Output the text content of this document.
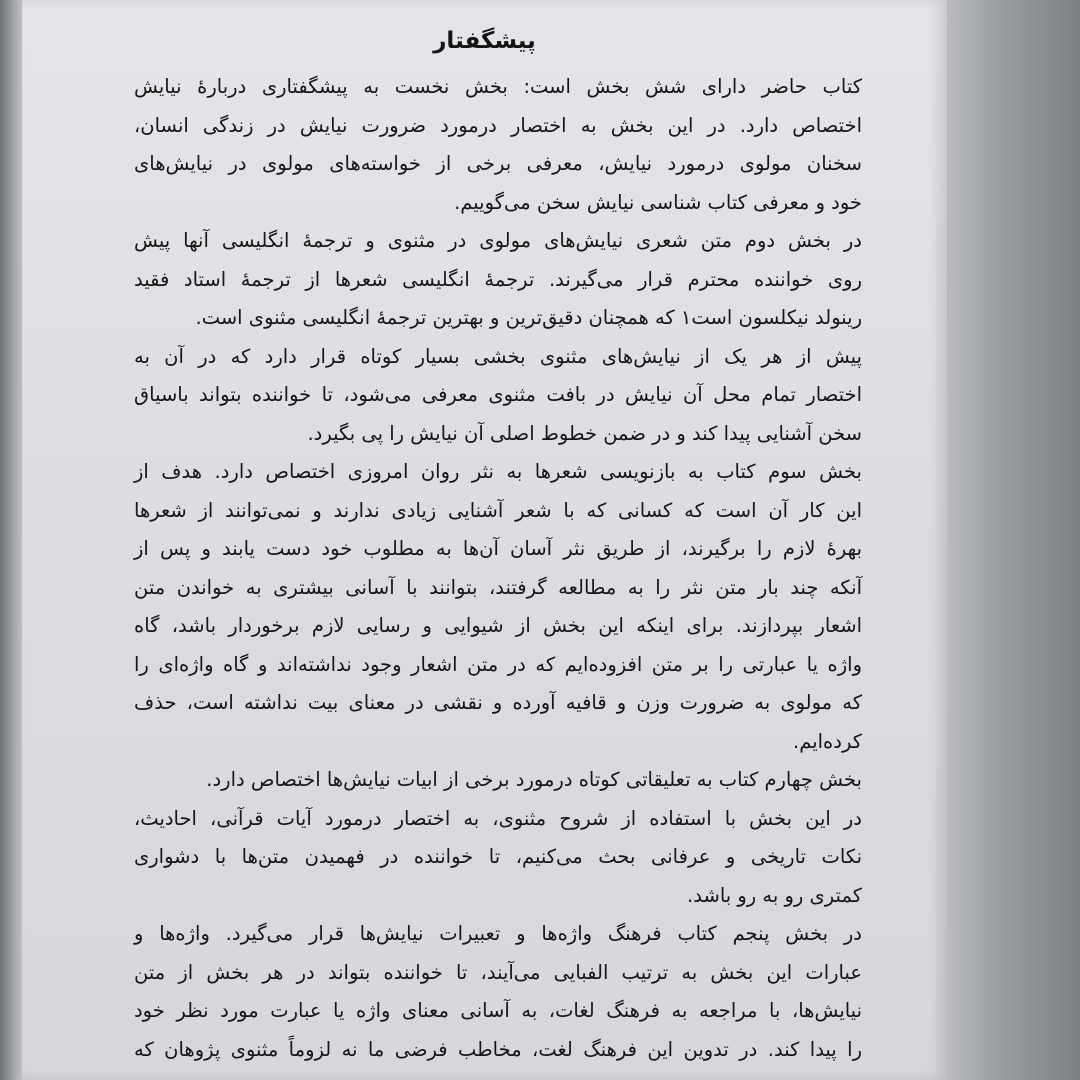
پیشگفتار
کتاب حاضر دارای شش بخش است: بخش نخست به پیشگفتاری دربارهٔ نیایش
اختصاص دارد. در این بخش به اختصار درمورد ضرورت نیایش در زندگی انسان،
سخنان مولوی درمورد نیایش، معرفی برخی از خواسته‌های مولوی در نیایش‌های
خود و معرفی کتاب شناسی نیایش سخن می‌گوییم.
در بخش دوم متن شعری نیایش‌های مولوی در مثنوی و ترجمهٔ انگلیسی آنها پیش
روی خواننده محترم قرار می‌گیرند. ترجمهٔ انگلیسی شعرها از ترجمهٔ استاد فقید
رینولد نیکلسون است۱ که همچنان دقیق‌ترین و بهترین ترجمهٔ انگلیسی مثنوی است.
پیش از هر یک از نیایش‌های مثنوی بخشی بسیار کوتاه قرار دارد که در آن به
اختصار تمام محل آن نیایش در بافت مثنوی معرفی می‌شود، تا خواننده بتواند باسیاق
سخن آشنایی پیدا کند و در ضمن خطوط اصلی آن نیایش را پی بگیرد.
بخش سوم کتاب به بازنویسی شعرها به نثر روان امروزی اختصاص دارد. هدف از
این کار آن است که کسانی که با شعر آشنایی زیادی ندارند و نمی‌توانند از شعرها
بهرهٔ لازم را برگیرند، از طریق نثر آسان آن‌ها به مطلوب خود دست یابند و پس از
آنکه چند بار متن نثر را به مطالعه گرفتند، بتوانند با آسانی بیشتری به خواندن متن
اشعار بپردازند. برای اینکه این بخش از شیوایی و رسایی لازم برخوردار باشد، گاه
واژه یا عبارتی را بر متن افزوده‌ایم که در متن اشعار وجود نداشته‌اند و گاه واژه‌ای را
که مولوی به ضرورت وزن و قافیه آورده و نقشی در معنای بیت نداشته است، حذف
کرده‌ایم.
بخش چهارم کتاب به تعلیقاتی کوتاه درمورد برخی از ابیات نیایش‌ها اختصاص دارد.
در این بخش با استفاده از شروح مثنوی، به اختصار درمورد آیات قرآنی، احادیث،
نکات تاریخی و عرفانی بحث می‌کنیم، تا خواننده در فهمیدن متن‌ها با دشواری
کمتری رو به رو باشد.
در بخش پنجم کتاب فرهنگ واژه‌ها و تعبیرات نیایش‌ها قرار می‌گیرد. واژه‌ها و
عبارات این بخش به ترتیب الفبایی می‌آیند، تا خواننده بتواند در هر بخش از متن
نیایش‌ها، با مراجعه به فرهنگ لغات، به آسانی معنای واژه یا عبارت مورد نظر خود
را پیدا کند. در تدوین این فرهنگ لغت، مخاطب فرضی ما نه لزوماً مثنوی پژوهان که
